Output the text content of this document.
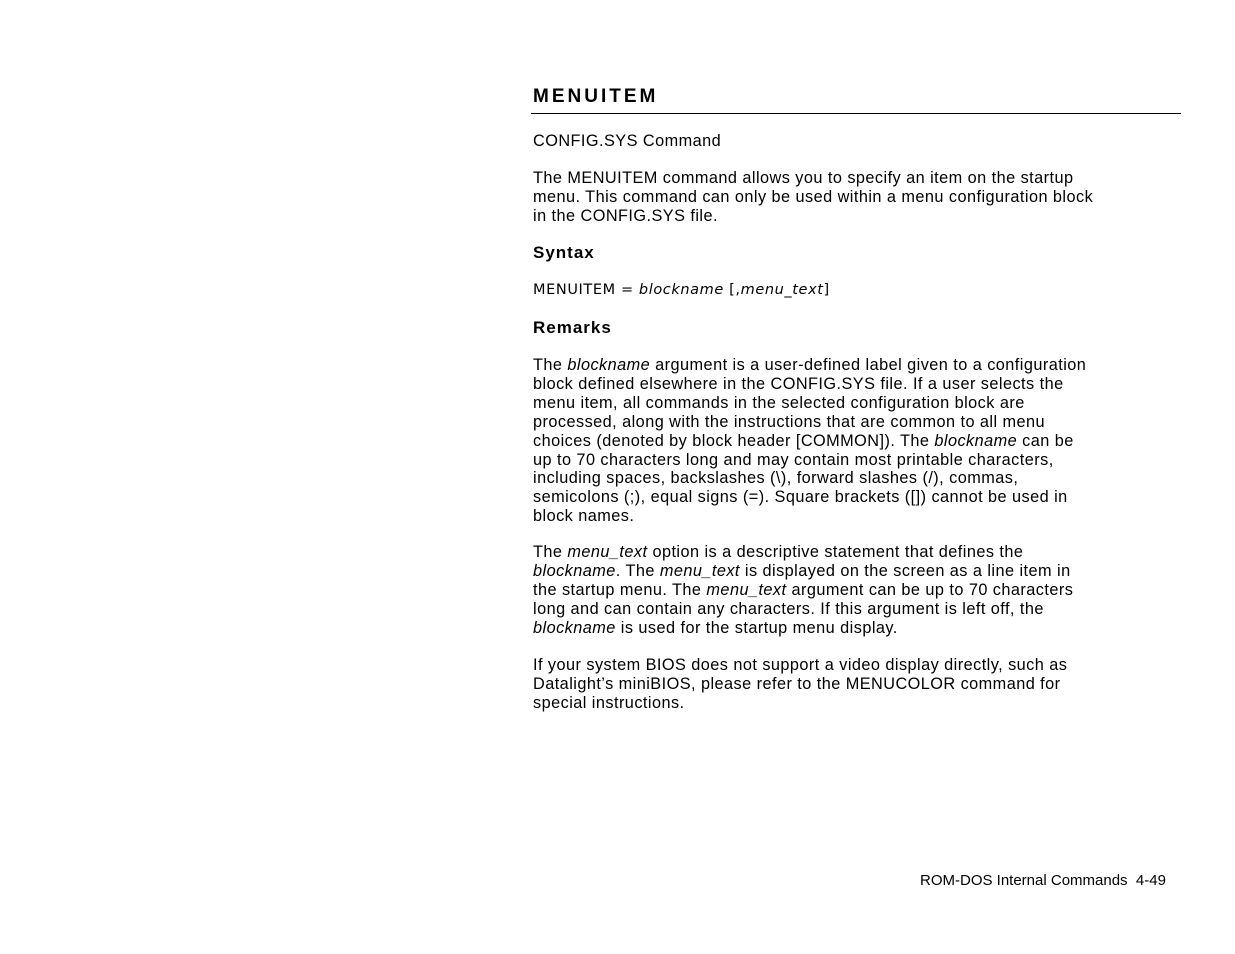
MENUITEM

CONFIG.SYS Command

The MENUITEM command allows you to specify an item on the startup
menu. This command can only be used within a menu configuration block
in the CONFIG.SYS file.
Syntax

MENUITEM = blockname [,menu_text]

Remarks
The blockname argument is a user-defined label given to a configuration
block defined elsewhere in the CONFIG.SYS file. If a user selects the
menu item, all commands in the selected configuration block are
processed, along with the instructions that are common to all menu
choices (denoted by block header [COMMON]). The blockname can be
up to 70 characters long and may contain most printable characters,
including spaces, backslashes (\), forward slashes (/), commas,
semicolons (;), equal signs (=). Square brackets ([]) cannot be used in
block names.
The menu_text option is a descriptive statement that defines the
blockname. The menu_text is displayed on the screen as a line item in
the startup menu. The menu_text argument can be up to 70 characters
long and can contain any characters. If this argument is left off, the
blockname is used for the startup menu display.
If your system BIOS does not support a video display directly, such as
Datalight’s miniBIOS, please refer to the MENUCOLOR command for
special instructions.

ROM-DOS Internal Commands 4-49
